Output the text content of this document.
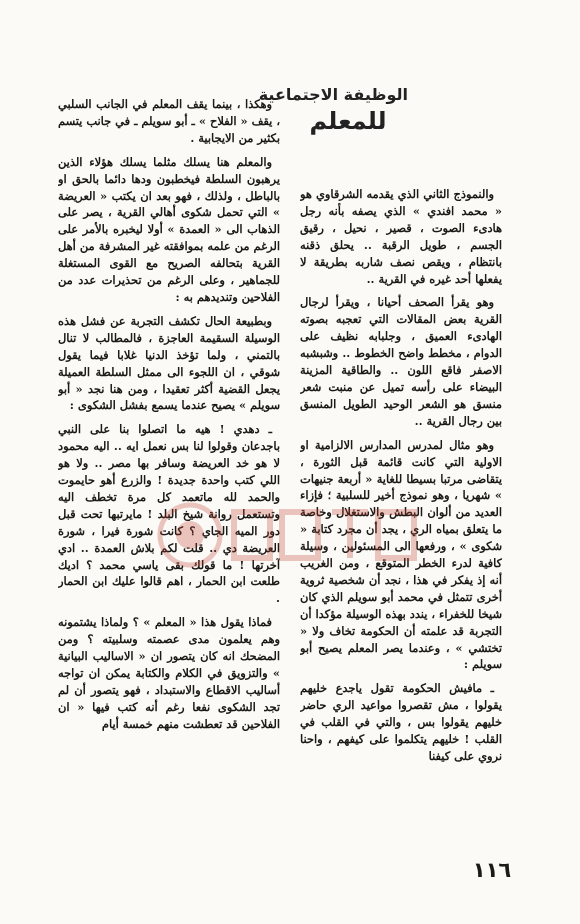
الوظيفة الاجتماعية
للمعلم

والنموذج الثاني الذي يقدمه الشرقاوي هو « محمد افندي » الذي يصفه بأنه رجل هادىء الصوت ، قصير ، نحيل ، رقيق الجسم ، طويل الرقبة .. يحلق ذقنه بانتظام ، ويقص نصف شاربه بطريقة لا يفعلها أحد غيره في القرية ..

وهو يقرأ الصحف أحيانا ، ويقرأ لرجال القرية بعض المقالات التي تعجبه بصوته الهادىء العميق ، وجلبابه نظيف على الدوام ، مخطط واضح الخطوط .. وشبشبه الاصفر فاقع اللون .. والطاقية المزينة البيضاء على رأسه تميل عن منبت شعر منسق هو الشعر الوحيد الطويل المنسق بين رجال القرية ..

وهو مثال لمدرس المدارس الالزامية او الاولية التي كانت قائمة قبل الثورة ، يتقاضى مرتبا بسيطا للغاية « أربعة جنيهات » شهريا ، وهو نموذج أخير للسلبية ؛ فإزاء العديد من ألوان البطش والاستغلال وخاصة ما يتعلق بمياه الري ، يجد أن مجرد كتابة « شكوى » ، ورفعها الى المسئولين ، وسيلة كافية لدرء الخطر المتوقع ، ومن الغريب أنه إذ يفكر في هذا ، نجد أن شخصية ثروية أخرى تتمثل في محمد أبو سويلم الذي كان شيخا للخفراء ، يندد بهذه الوسيلة مؤكدا أن التجربة قد علمته أن الحكومة تخاف ولا « تختشي » ، وعندما يصر المعلم يصيح أبو سويلم :

ـ مافيش الحكومة تقول ياجدع خليهم يقولوا ، مش تقصروا مواعيد الري حاضر خليهم يقولوا بس ، والتي في القلب في القلب ! خليهم يتكلموا على كيفهم ، واحنا نروي على كيفنا

وهكذا ، بينما يقف المعلم في الجانب السلبي ، يقف « الفلاح » ـ أبو سويلم ـ في جانب يتسم بكثير من الايجابية .

والمعلم هنا يسلك مثلما يسلك هؤلاء الذين يرهبون السلطة فيخطبون ودها دائما بالحق او بالباطل ، ولذلك ، فهو بعد ان يكتب « العريضة » التي تحمل شكوى أهالي القرية ، يصر على الذهاب الى « العمدة » أولا ليخبره بالأمر على الرغم من علمه بموافقته غير المشرفة من أهل القرية بتحالفه الصريح مع القوى المستغلة للجماهير ، وعلى الرغم من تحذيرات عدد من الفلاحين وتنديدهم به :

وبطبيعة الحال تكشف التجربة عن فشل هذه الوسيلة السقيمة العاجزة ، فالمطالب لا تنال بالتمني ، ولما تؤخذ الدنيا غلابا فيما يقول شوقي ، ان اللجوء الى ممثل السلطة العميلة يجعل القضية أكثر تعقيدا ، ومن هنا نجد « أبو سويلم » يصيح عندما يسمع بفشل الشكوى :

ـ دهدي ! هيه ما اتصلوا بنا على النبي باجدعان وقولوا لنا بس نعمل ايه .. اليه محمود لا هو خد العريضة وسافر بها مصر .. ولا هو اللي كتب واحدة جديدة ! والزرع أهو حايموت والحمد لله ماتعمد كل مرة تخطف اليه وتستعمل روانة شيخ البلد ! مايرتبها تحت قبل دور الميه الجاي ؟ كانت شورة فيرا ، شورة العريضة دي .. قلت لكم بلاش العمدة .. ادي آخرتها ! ما قولك بقى ياسي محمد ؟ اديك طلعت ابن الحمار ، اهم قالوا عليك ابن الحمار .

فماذا يقول هذا « المعلم » ؟ ولماذا يشتمونه وهم يعلمون مدى عصمته وسلبيته ؟ ومن المضحك انه كان يتصور ان « الاساليب البيانية » والتزويق في الكلام والكتابة يمكن ان تواجه أساليب الاقطاع والاستبداد ، فهو يتصور أن لم تجد الشكوى نفعا رغم أنه كتب فيها « ان الفلاحين قد تعطشت منهم خمسة أيام

١١٦
